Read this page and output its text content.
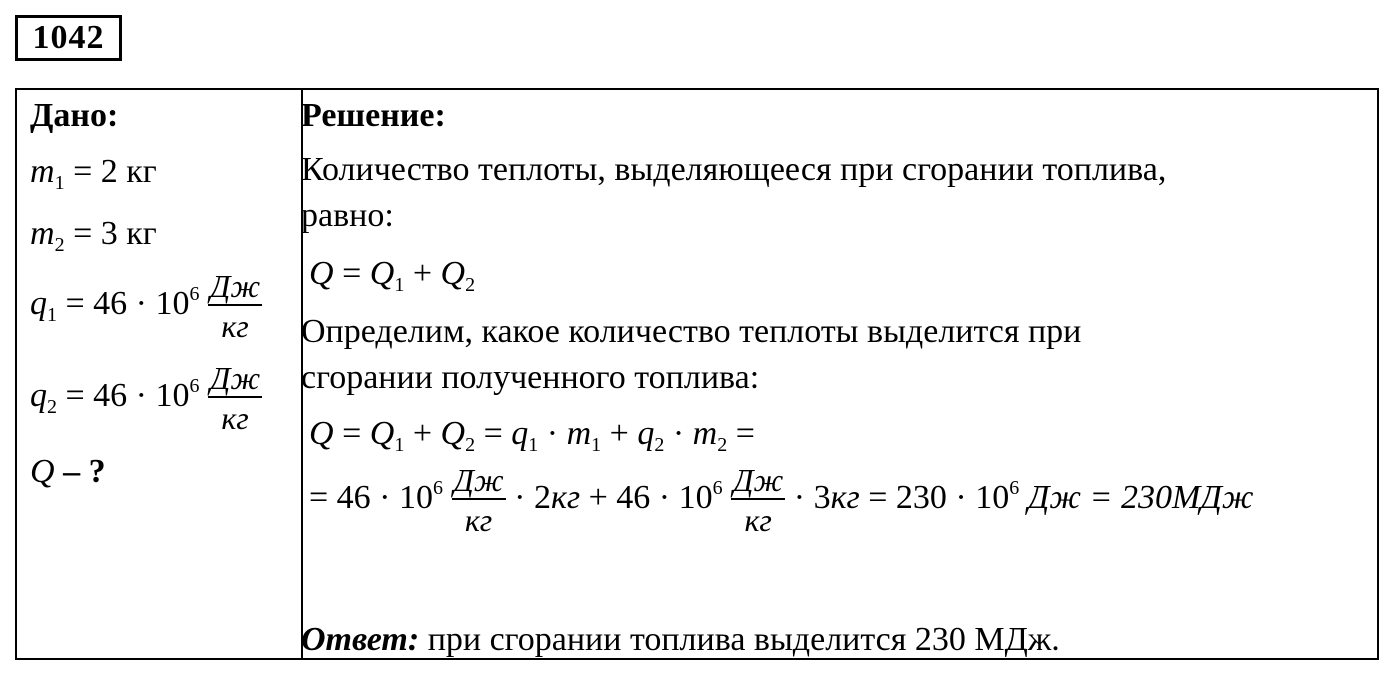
1042
Дано:
$m_1 = 2$ кг
$m_2 = 3$ кг
$q_1 = 46 \cdot 10^6 \frac{Дж}{кг}$
$q_2 = 46 \cdot 10^6 \frac{Дж}{кг}$
Q – ?
Решение:
Количество теплоты, выделяющееся при сгорании топлива,
равно:
$Q = Q_1 + Q_2$
Определим, какое количество теплоты выделится при
сгорании полученного топлива:
$Q = Q_1 + Q_2 = q_1 \cdot m_1 + q_2 \cdot m_2$ =
= $46 \cdot 10^6 \frac{Дж}{кг} \cdot 2кг + 46 \cdot 10^6 \frac{Дж}{кг} \cdot 3кг = 230 \cdot 10^6$ Дж = 230МДж
Ответ: при сгорании топлива выделится 230 МДж.
